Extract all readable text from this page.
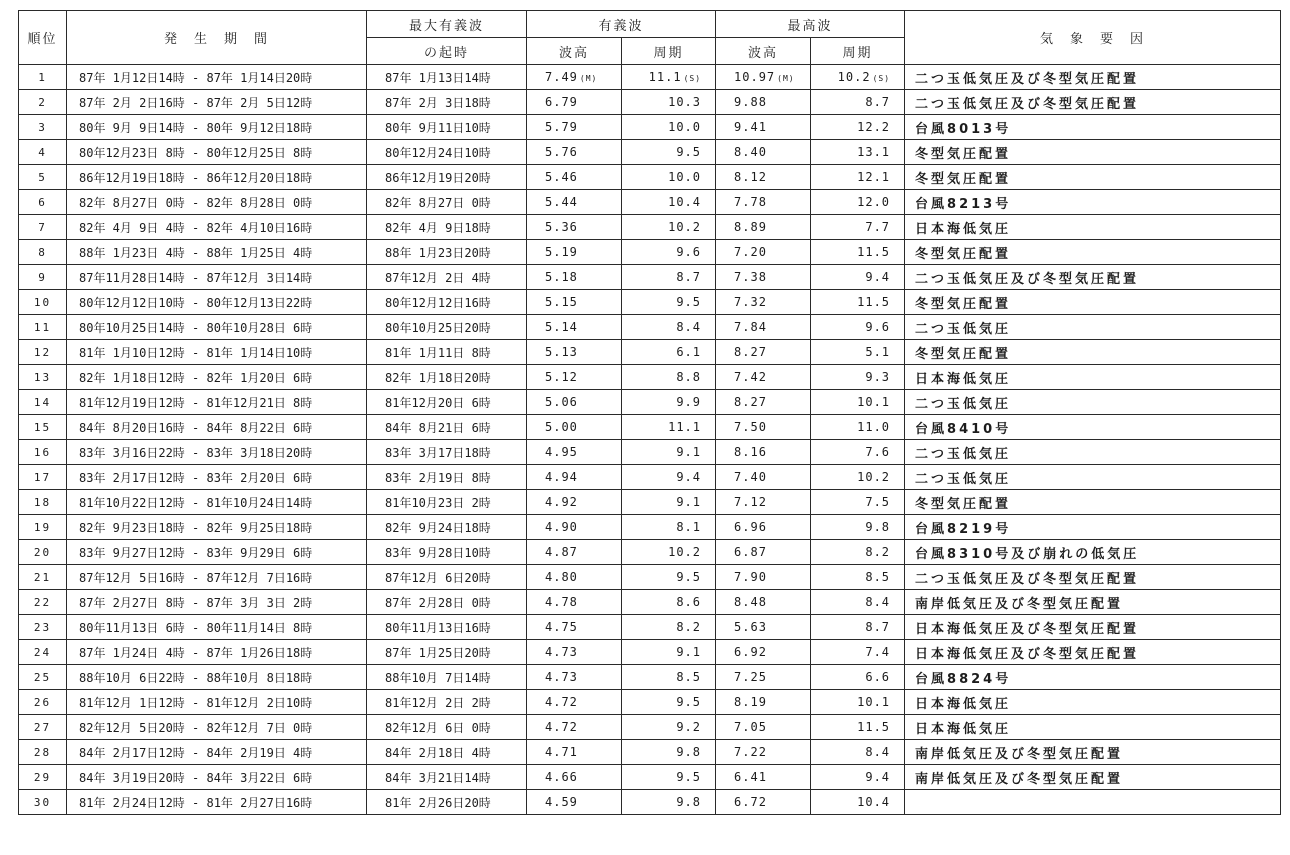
順位	発　生　期　間	最大有義波	有義波		最高波		気　象　要　因
		の起時	波高	周期	波高	周期	
1	87年 1月12日14時 - 87年 1月14日20時	87年 1月13日14時	7.49 (M)	11.1 (S)	10.97 (M)	10.2 (S)	二つ玉低気圧及び冬型気圧配置
2	87年 2月 2日16時 - 87年 2月 5日12時	87年 2月 3日18時	6.79	10.3	9.88	8.7	二つ玉低気圧及び冬型気圧配置
3	80年 9月 9日14時 - 80年 9月12日18時	80年 9月11日10時	5.79	10.0	9.41	12.2	台風8013号
4	80年12月23日 8時 - 80年12月25日 8時	80年12月24日10時	5.76	9.5	8.40	13.1	冬型気圧配置
5	86年12月19日18時 - 86年12月20日18時	86年12月19日20時	5.46	10.0	8.12	12.1	冬型気圧配置
6	82年 8月27日 0時 - 82年 8月28日 0時	82年 8月27日 0時	5.44	10.4	7.78	12.0	台風8213号
7	82年 4月 9日 4時 - 82年 4月10日16時	82年 4月 9日18時	5.36	10.2	8.89	7.7	日本海低気圧
8	88年 1月23日 4時 - 88年 1月25日 4時	88年 1月23日20時	5.19	9.6	7.20	11.5	冬型気圧配置
9	87年11月28日14時 - 87年12月 3日14時	87年12月 2日 4時	5.18	8.7	7.38	9.4	二つ玉低気圧及び冬型気圧配置
10	80年12月12日10時 - 80年12月13日22時	80年12月12日16時	5.15	9.5	7.32	11.5	冬型気圧配置
11	80年10月25日14時 - 80年10月28日 6時	80年10月25日20時	5.14	8.4	7.84	9.6	二つ玉低気圧
12	81年 1月10日12時 - 81年 1月14日10時	81年 1月11日 8時	5.13	6.1	8.27	5.1	冬型気圧配置
13	82年 1月18日12時 - 82年 1月20日 6時	82年 1月18日20時	5.12	8.8	7.42	9.3	日本海低気圧
14	81年12月19日12時 - 81年12月21日 8時	81年12月20日 6時	5.06	9.9	8.27	10.1	二つ玉低気圧
15	84年 8月20日16時 - 84年 8月22日 6時	84年 8月21日 6時	5.00	11.1	7.50	11.0	台風8410号
16	83年 3月16日22時 - 83年 3月18日20時	83年 3月17日18時	4.95	9.1	8.16	7.6	二つ玉低気圧
17	83年 2月17日12時 - 83年 2月20日 6時	83年 2月19日 8時	4.94	9.4	7.40	10.2	二つ玉低気圧
18	81年10月22日12時 - 81年10月24日14時	81年10月23日 2時	4.92	9.1	7.12	7.5	冬型気圧配置
19	82年 9月23日18時 - 82年 9月25日18時	82年 9月24日18時	4.90	8.1	6.96	9.8	台風8219号
20	83年 9月27日12時 - 83年 9月29日 6時	83年 9月28日10時	4.87	10.2	6.87	8.2	台風8310号及び崩れの低気圧
21	87年12月 5日16時 - 87年12月 7日16時	87年12月 6日20時	4.80	9.5	7.90	8.5	二つ玉低気圧及び冬型気圧配置
22	87年 2月27日 8時 - 87年 3月 3日 2時	87年 2月28日 0時	4.78	8.6	8.48	8.4	南岸低気圧及び冬型気圧配置
23	80年11月13日 6時 - 80年11月14日 8時	80年11月13日16時	4.75	8.2	5.63	8.7	日本海低気圧及び冬型気圧配置
24	87年 1月24日 4時 - 87年 1月26日18時	87年 1月25日20時	4.73	9.1	6.92	7.4	日本海低気圧及び冬型気圧配置
25	88年10月 6日22時 - 88年10月 8日18時	88年10月 7日14時	4.73	8.5	7.25	6.6	台風8824号
26	81年12月 1日12時 - 81年12月 2日10時	81年12月 2日 2時	4.72	9.5	8.19	10.1	日本海低気圧
27	82年12月 5日20時 - 82年12月 7日 0時	82年12月 6日 0時	4.72	9.2	7.05	11.5	日本海低気圧
28	84年 2月17日12時 - 84年 2月19日 4時	84年 2月18日 4時	4.71	9.8	7.22	8.4	南岸低気圧及び冬型気圧配置
29	84年 3月19日20時 - 84年 3月22日 6時	84年 3月21日14時	4.66	9.5	6.41	9.4	南岸低気圧及び冬型気圧配置
30	81年 2月24日12時 - 81年 2月27日16時	81年 2月26日20時	4.59	9.8	6.72	10.4	
